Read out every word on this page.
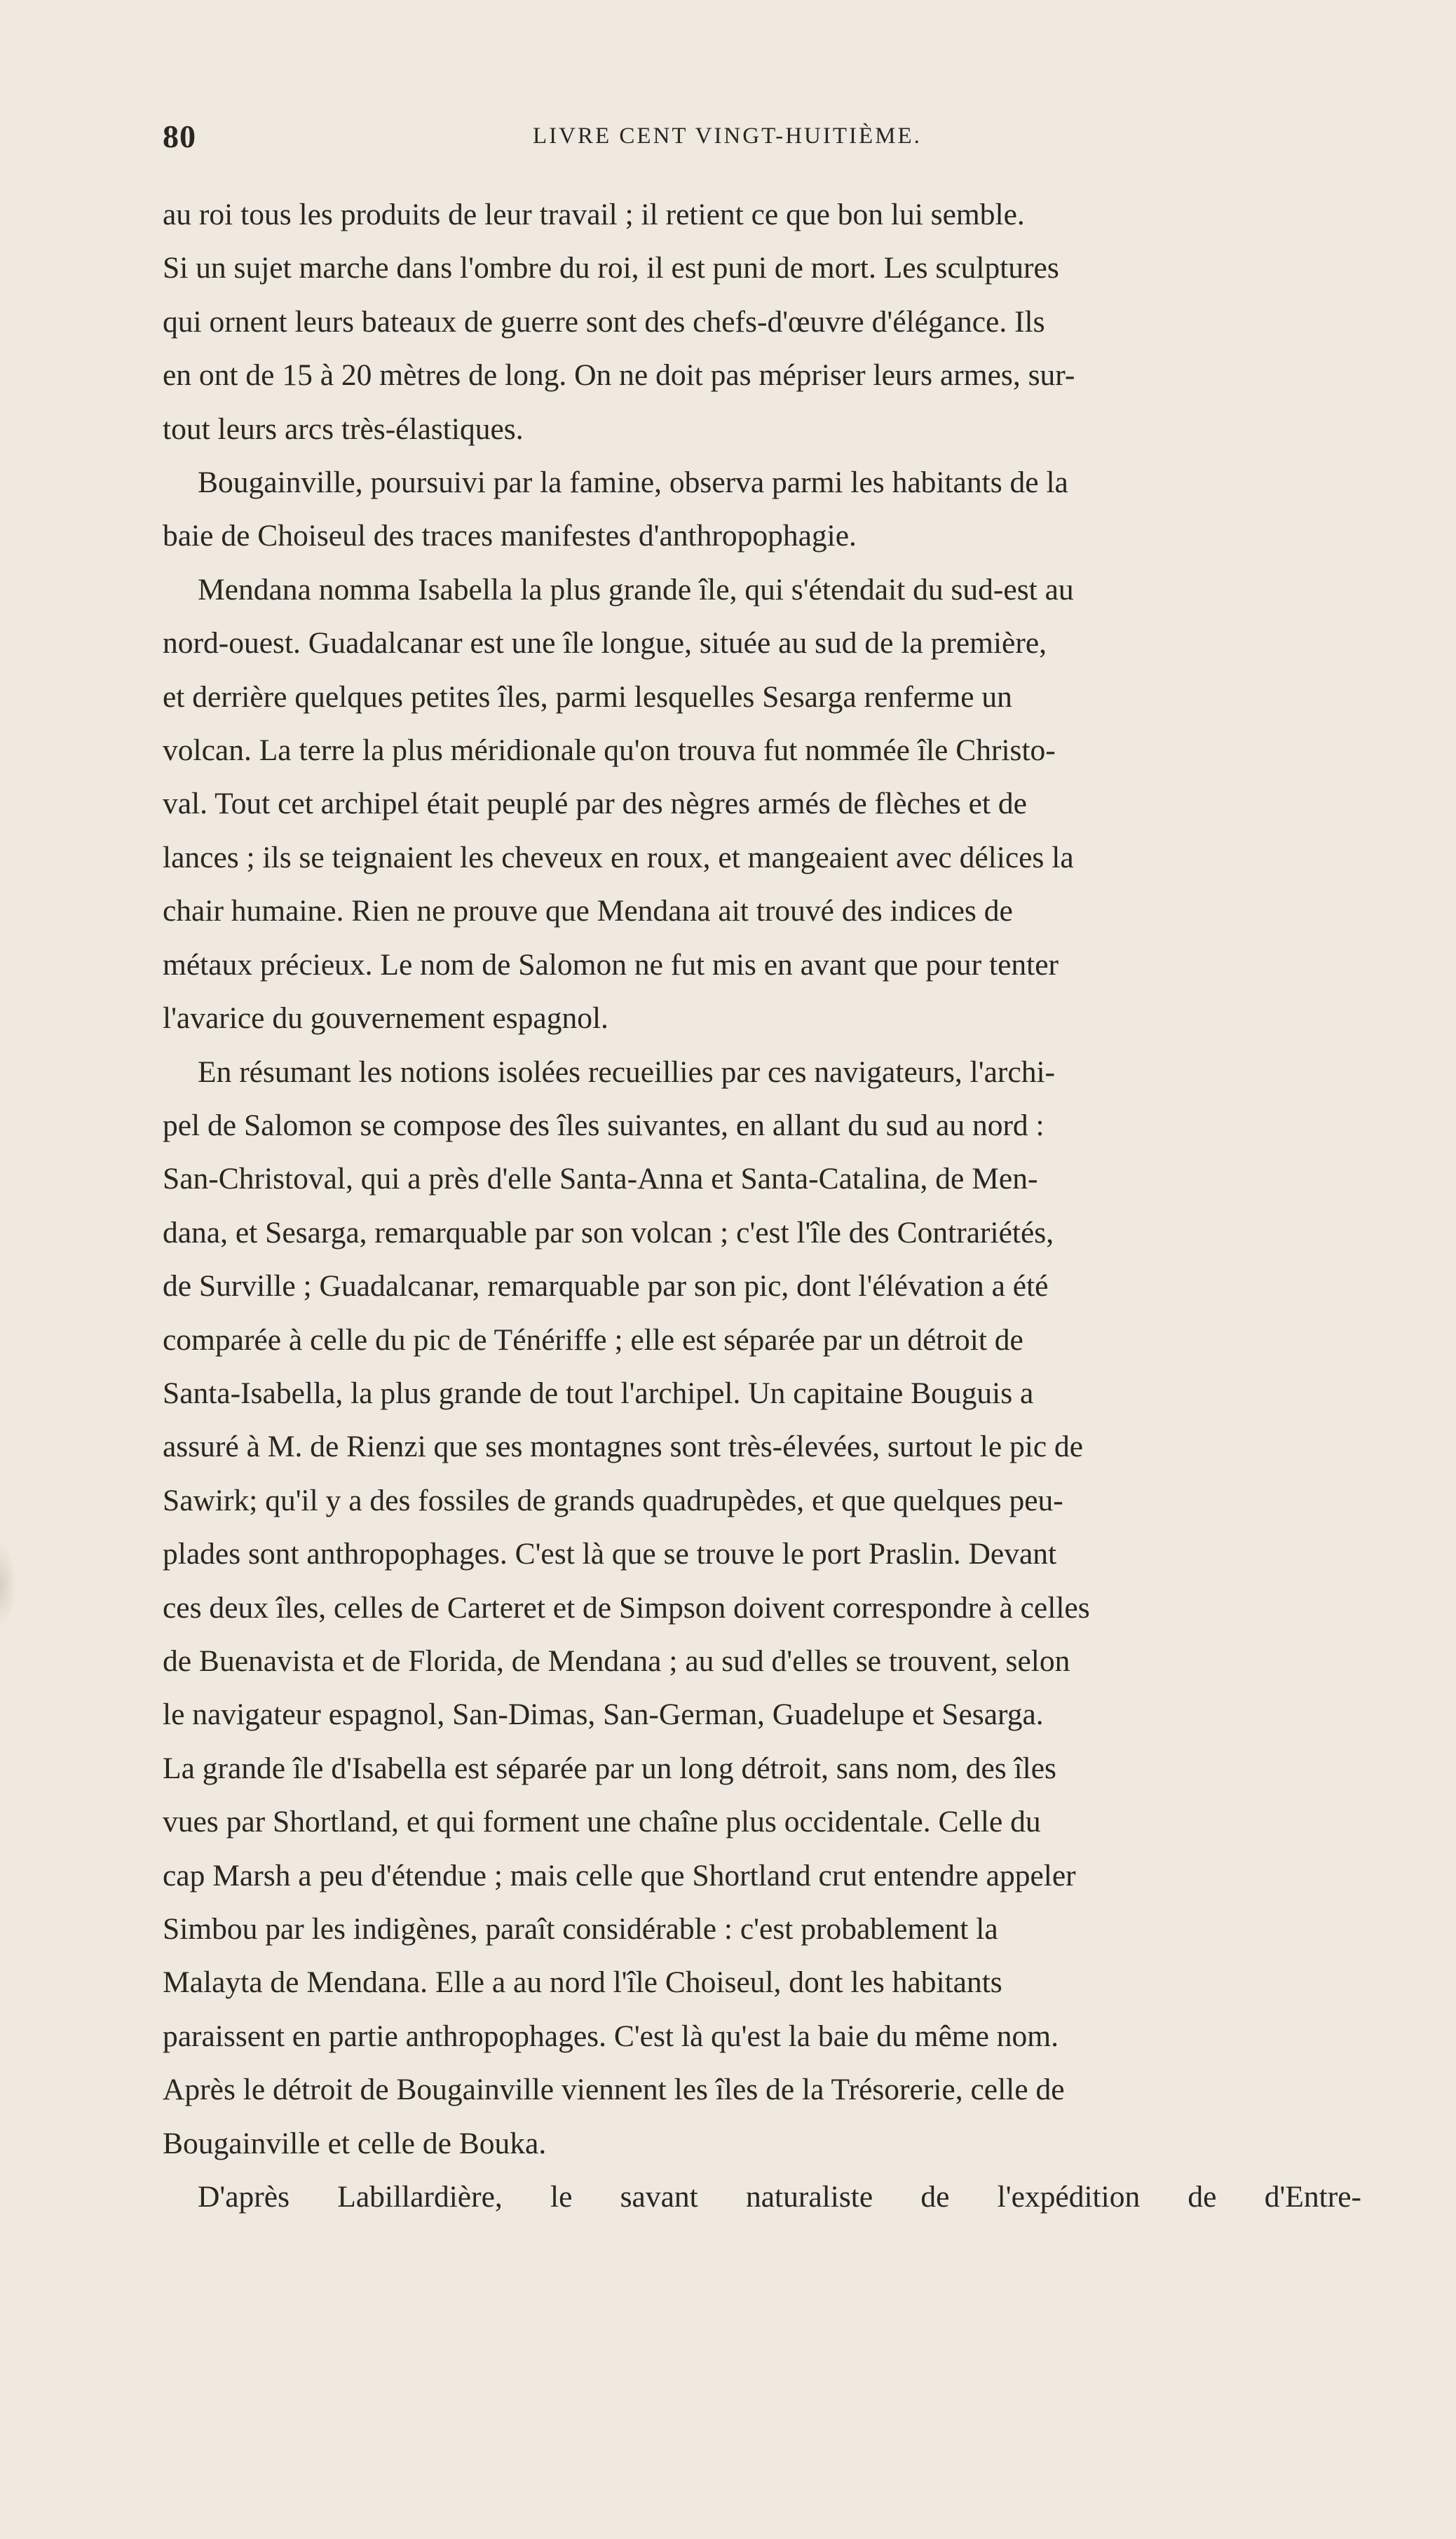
80	LIVRE CENT VINGT-HUITIÈME.

au roi tous les produits de leur travail ; il retient ce que bon lui semble.
Si un sujet marche dans l'ombre du roi, il est puni de mort. Les sculptures
qui ornent leurs bateaux de guerre sont des chefs-d'œuvre d'élégance. Ils
en ont de 15 à 20 mètres de long. On ne doit pas mépriser leurs armes, sur-
tout leurs arcs très-élastiques.

Bougainville, poursuivi par la famine, observa parmi les habitants de la
baie de Choiseul des traces manifestes d'anthropophagie.

Mendana nomma Isabella la plus grande île, qui s'étendait du sud-est au
nord-ouest. Guadalcanar est une île longue, située au sud de la première,
et derrière quelques petites îles, parmi lesquelles Sesarga renferme un
volcan. La terre la plus méridionale qu'on trouva fut nommée île Christo-
val. Tout cet archipel était peuplé par des nègres armés de flèches et de
lances ; ils se teignaient les cheveux en roux, et mangeaient avec délices la
chair humaine. Rien ne prouve que Mendana ait trouvé des indices de
métaux précieux. Le nom de Salomon ne fut mis en avant que pour tenter
l'avarice du gouvernement espagnol.

En résumant les notions isolées recueillies par ces navigateurs, l'archi-
pel de Salomon se compose des îles suivantes, en allant du sud au nord :
San-Christoval, qui a près d'elle Santa-Anna et Santa-Catalina, de Men-
dana, et Sesarga, remarquable par son volcan ; c'est l'île des Contrariétés,
de Surville ; Guadalcanar, remarquable par son pic, dont l'élévation a été
comparée à celle du pic de Ténériffe ; elle est séparée par un détroit de
Santa-Isabella, la plus grande de tout l'archipel. Un capitaine Bouguis a
assuré à M. de Rienzi que ses montagnes sont très-élevées, surtout le pic de
Sawirk; qu'il y a des fossiles de grands quadrupèdes, et que quelques peu-
plades sont anthropophages. C'est là que se trouve le port Praslin. Devant
ces deux îles, celles de Carteret et de Simpson doivent correspondre à celles
de Buenavista et de Florida, de Mendana ; au sud d'elles se trouvent, selon
le navigateur espagnol, San-Dimas, San-German, Guadelupe et Sesarga.
La grande île d'Isabella est séparée par un long détroit, sans nom, des îles
vues par Shortland, et qui forment une chaîne plus occidentale. Celle du
cap Marsh a peu d'étendue ; mais celle que Shortland crut entendre appeler
Simbou par les indigènes, paraît considérable : c'est probablement la
Malayta de Mendana. Elle a au nord l'île Choiseul, dont les habitants
paraissent en partie anthropophages. C'est là qu'est la baie du même nom.
Après le détroit de Bougainville viennent les îles de la Trésorerie, celle de
Bougainville et celle de Bouka.

D'après Labillardière, le savant naturaliste de l'expédition de d'Entre-
